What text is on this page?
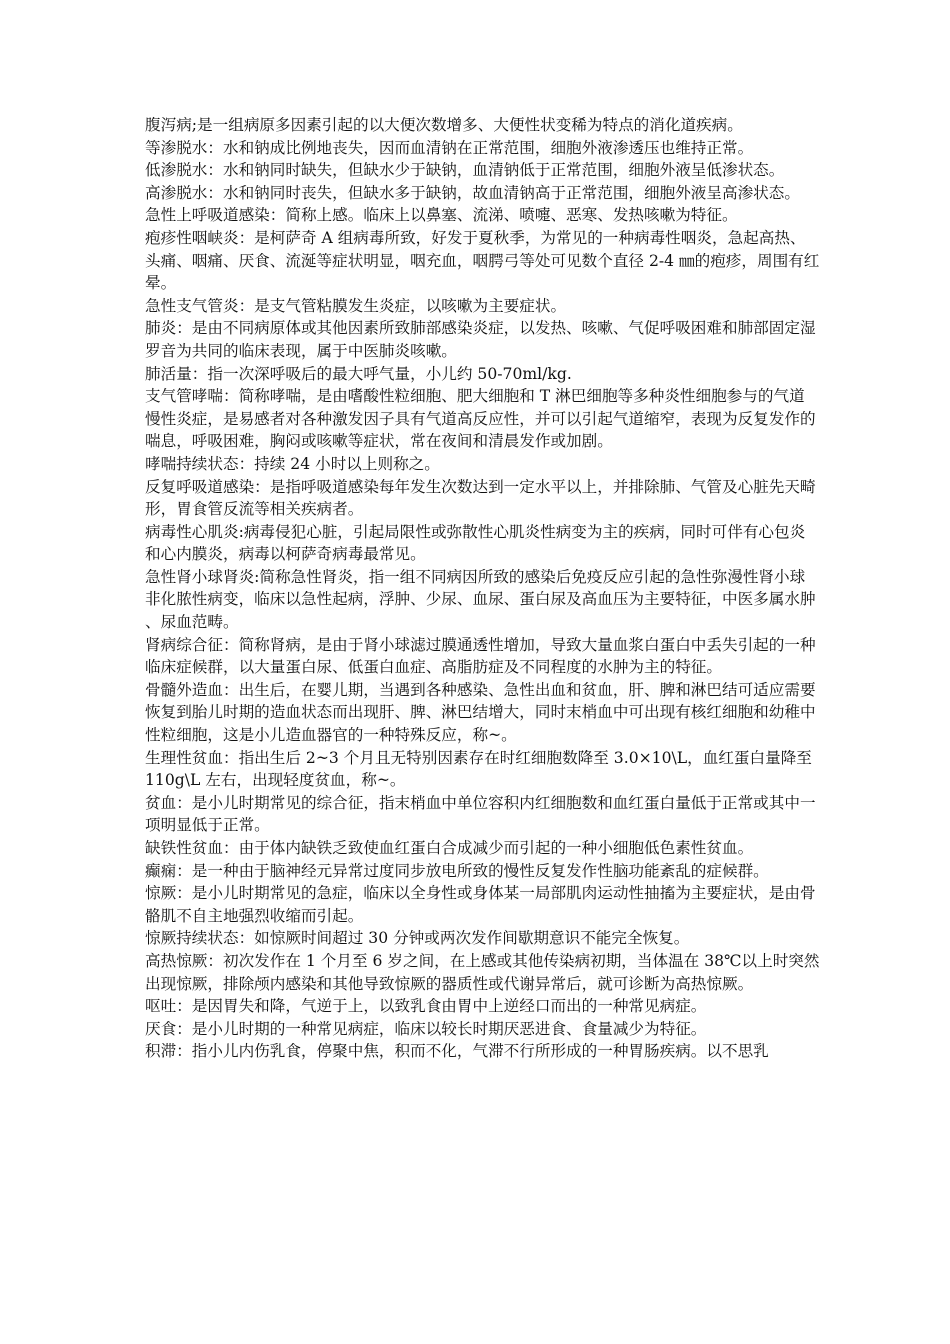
腹泻病;是一组病原多因素引起的以大便次数增多、大便性状变稀为特点的消化道疾病。

等渗脱水：水和钠成比例地丧失，因而血清钠在正常范围，细胞外液渗透压也维持正常。

低渗脱水：水和钠同时缺失，但缺水少于缺钠，血清钠低于正常范围，细胞外液呈低渗状态。

高渗脱水：水和钠同时丧失，但缺水多于缺钠，故血清钠高于正常范围，细胞外液呈高渗状态。

急性上呼吸道感染：简称上感。临床上以鼻塞、流涕、喷嚏、恶寒、发热咳嗽为特征。

疱疹性咽峡炎：是柯萨奇 A 组病毒所致，好发于夏秋季，为常见的一种病毒性咽炎，急起高热、头痛、咽痛、厌食、流涎等症状明显，咽充血，咽腭弓等处可见数个直径 2-4 ㎜的疱疹，周围有红晕。

急性支气管炎：是支气管粘膜发生炎症，以咳嗽为主要症状。

肺炎：是由不同病原体或其他因素所致肺部感染炎症，以发热、咳嗽、气促呼吸困难和肺部固定湿罗音为共同的临床表现，属于中医肺炎咳嗽。

肺活量：指一次深呼吸后的最大呼气量，小儿约 50-70ml/kg.

支气管哮喘：简称哮喘，是由嗜酸性粒细胞、肥大细胞和 T 淋巴细胞等多种炎性细胞参与的气道慢性炎症，是易感者对各种激发因子具有气道高反应性，并可以引起气道缩窄，表现为反复发作的喘息，呼吸困难，胸闷或咳嗽等症状，常在夜间和清晨发作或加剧。

哮喘持续状态：持续 24 小时以上则称之。

反复呼吸道感染：是指呼吸道感染每年发生次数达到一定水平以上，并排除肺、气管及心脏先天畸形，胃食管反流等相关疾病者。

病毒性心肌炎:病毒侵犯心脏，引起局限性或弥散性心肌炎性病变为主的疾病，同时可伴有心包炎和心内膜炎，病毒以柯萨奇病毒最常见。

急性肾小球肾炎:简称急性肾炎，指一组不同病因所致的感染后免疫反应引起的急性弥漫性肾小球非化脓性病变，临床以急性起病，浮肿、少尿、血尿、蛋白尿及高血压为主要特征，中医多属水肿、尿血范畴。

肾病综合征：简称肾病，是由于肾小球滤过膜通透性增加，导致大量血浆白蛋白中丢失引起的一种临床症候群，以大量蛋白尿、低蛋白血症、高脂肪症及不同程度的水肿为主的特征。

骨髓外造血：出生后，在婴儿期，当遇到各种感染、急性出血和贫血，肝、脾和淋巴结可适应需要恢复到胎儿时期的造血状态而出现肝、脾、淋巴结增大，同时末梢血中可出现有核红细胞和幼稚中性粒细胞，这是小儿造血器官的一种特殊反应，称~。

生理性贫血：指出生后 2~3 个月且无特别因素存在时红细胞数降至 3.0×10\L，血红蛋白量降至 110g\L 左右，出现轻度贫血，称~。

贫血：是小儿时期常见的综合征，指末梢血中单位容积内红细胞数和血红蛋白量低于正常或其中一项明显低于正常。

缺铁性贫血：由于体内缺铁乏致使血红蛋白合成减少而引起的一种小细胞低色素性贫血。

癫痫：是一种由于脑神经元异常过度同步放电所致的慢性反复发作性脑功能紊乱的症候群。

惊厥：是小儿时期常见的急症，临床以全身性或身体某一局部肌肉运动性抽搐为主要症状，是由骨骼肌不自主地强烈收缩而引起。

惊厥持续状态：如惊厥时间超过 30 分钟或两次发作间歇期意识不能完全恢复。

高热惊厥：初次发作在 1 个月至 6 岁之间，在上感或其他传染病初期，当体温在 38℃以上时突然出现惊厥，排除颅内感染和其他导致惊厥的器质性或代谢异常后，就可诊断为高热惊厥。

呕吐：是因胃失和降，气逆于上，以致乳食由胃中上逆经口而出的一种常见病症。

厌食：是小儿时期的一种常见病症，临床以较长时期厌恶进食、食量减少为特征。

积滞：指小儿内伤乳食，停聚中焦，积而不化，气滞不行所形成的一种胃肠疾病。以不思乳
